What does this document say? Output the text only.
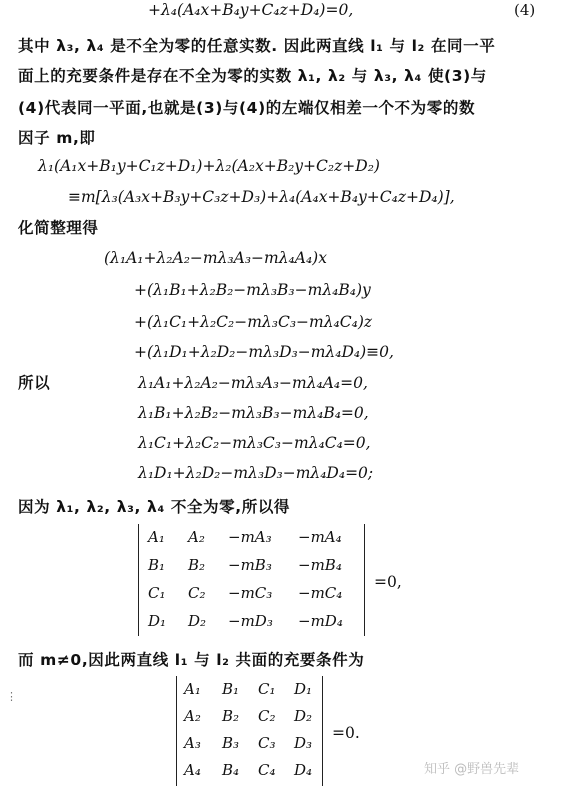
+λ₄(A₄x+B₄y+C₄z+D₄)=0,	(4)
其中 λ₃, λ₄ 是不全为零的任意实数. 因此两直线 l₁ 与 l₂ 在同一平
面上的充要条件是存在不全为零的实数 λ₁, λ₂ 与 λ₃, λ₄ 使(3)与
(4)代表同一平面,也就是(3)与(4)的左端仅相差一个不为零的数
因子 m,即
λ₁(A₁x+B₁y+C₁z+D₁)+λ₂(A₂x+B₂y+C₂z+D₂)
≡m[λ₃(A₃x+B₃y+C₃z+D₃)+λ₄(A₄x+B₄y+C₄z+D₄)],
化简整理得
(λ₁A₁+λ₂A₂−mλ₃A₃−mλ₄A₄)x
+(λ₁B₁+λ₂B₂−mλ₃B₃−mλ₄B₄)y
+(λ₁C₁+λ₂C₂−mλ₃C₃−mλ₄C₄)z
+(λ₁D₁+λ₂D₂−mλ₃D₃−mλ₄D₄)≡0,
所以	λ₁A₁+λ₂A₂−mλ₃A₃−mλ₄A₄=0,
λ₁B₁+λ₂B₂−mλ₃B₃−mλ₄B₄=0,
λ₁C₁+λ₂C₂−mλ₃C₃−mλ₄C₄=0,
λ₁D₁+λ₂D₂−mλ₃D₃−mλ₄D₄=0;
因为 λ₁, λ₂, λ₃, λ₄ 不全为零,所以得
A₁ A₂ −mA₃ −mA₄
B₁ B₂ −mB₃ −mB₄
C₁ C₂ −mC₃ −mC₄
D₁ D₂ −mD₃ −mD₄
=0,
而 m≠0,因此两直线 l₁ 与 l₂ 共面的充要条件为
A₁ B₁ C₁ D₁
A₂ B₂ C₂ D₂
A₃ B₃ C₃ D₃
A₄ B₄ C₄ D₄
=0.
知乎 @野兽先辈
⋮
